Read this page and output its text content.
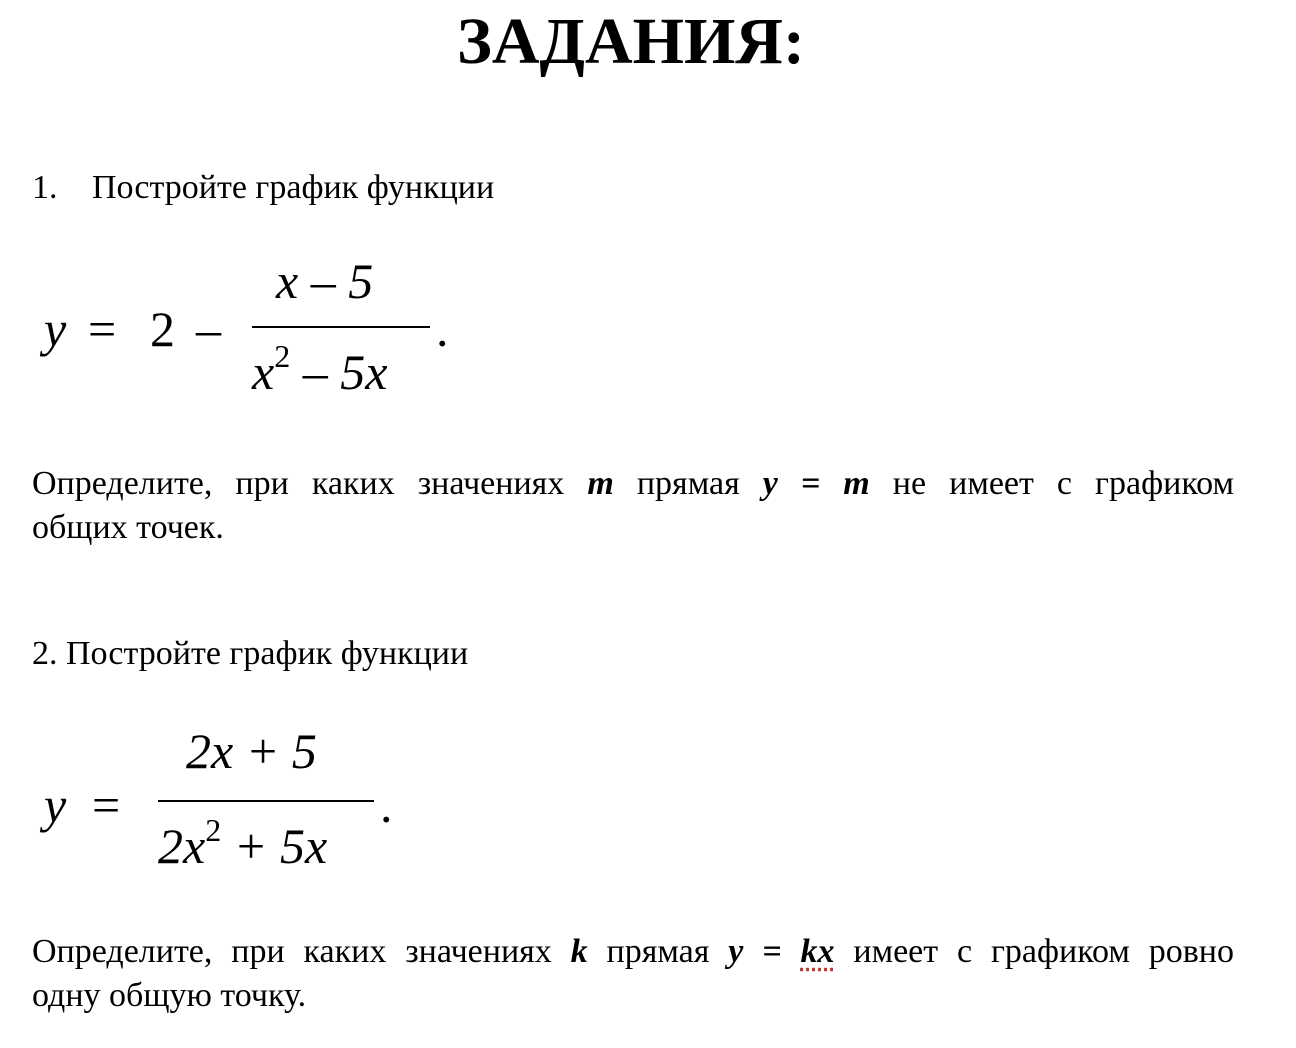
ЗАДАНИЯ:
1. Постройте график функции
y = 2 –
x – 5
$x^2 - 5x$
.
Определите, при каких значениях m прямая y = m не имеет с графиком
общих точек.
2. Постройте график функции
y =
2x + 5
$2x^2 + 5x$
.
Определите, при каких значениях k прямая y = kx имеет с графиком ровно
одну общую точку.
